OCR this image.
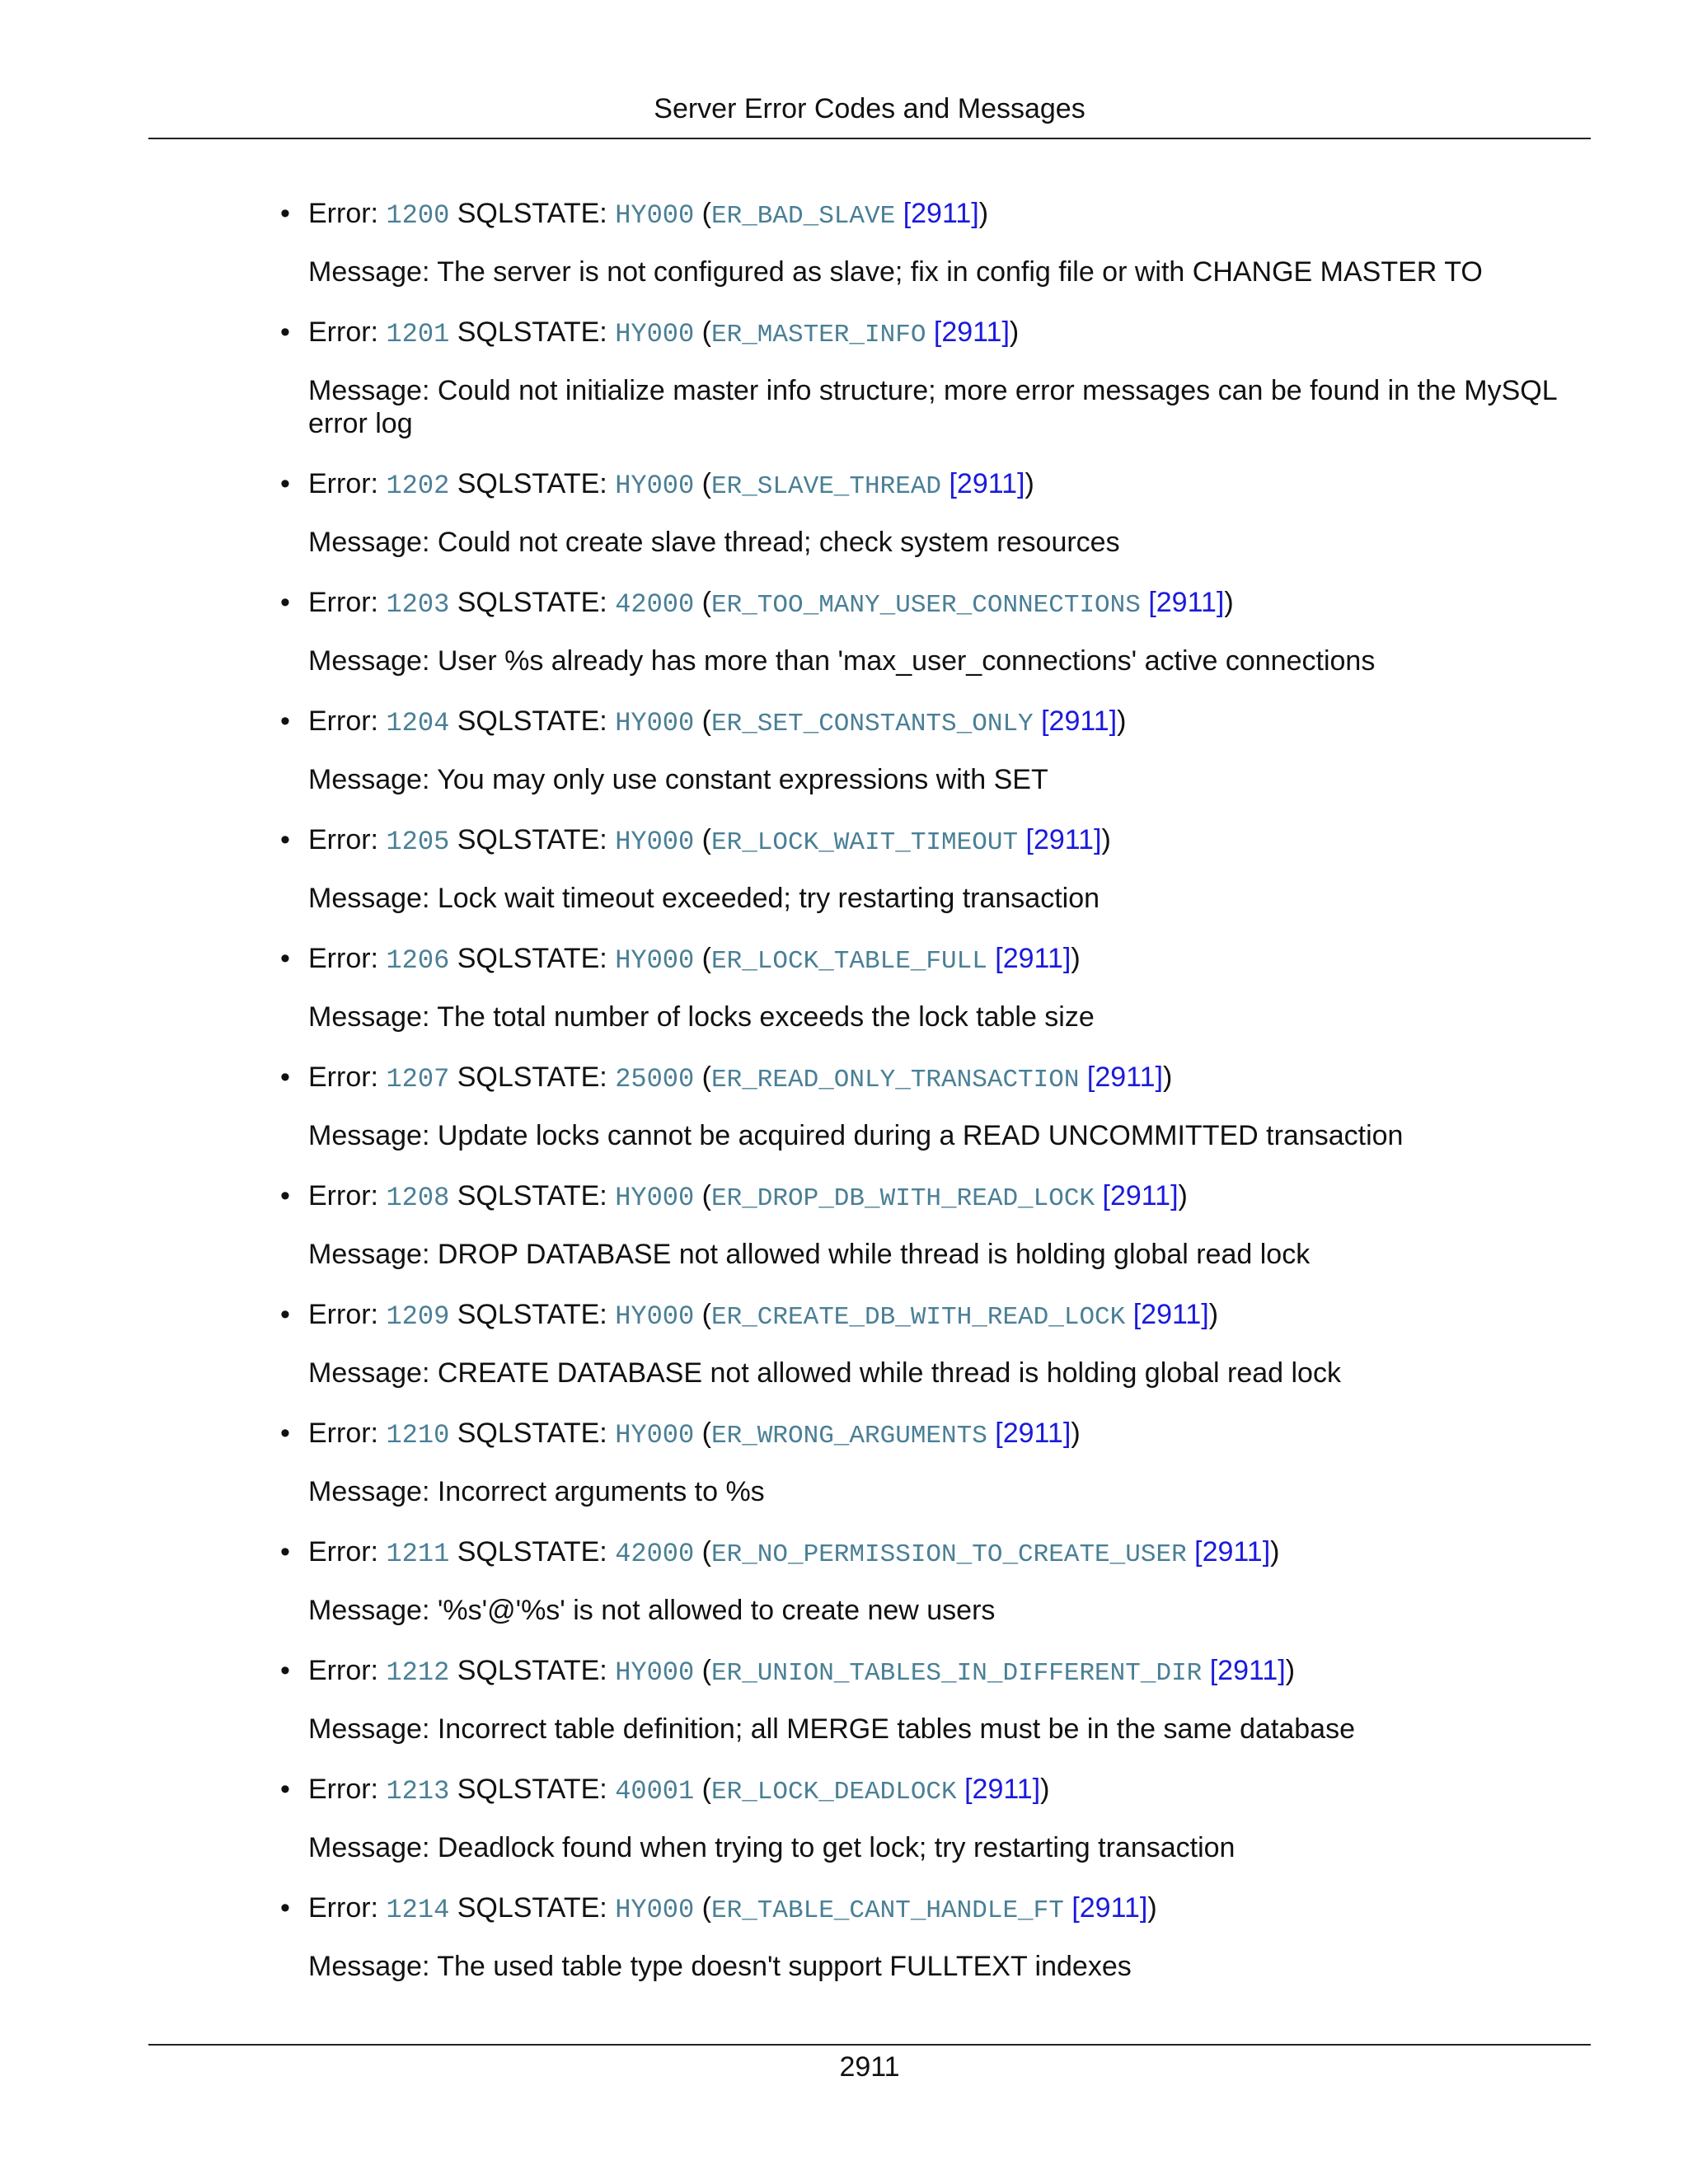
Server Error Codes and Messages
• Error: 1200 SQLSTATE: HY000 (ER_BAD_SLAVE [2911])
Message: The server is not configured as slave; fix in config file or with CHANGE MASTER TO
• Error: 1201 SQLSTATE: HY000 (ER_MASTER_INFO [2911])
Message: Could not initialize master info structure; more error messages can be found in the MySQL error log
• Error: 1202 SQLSTATE: HY000 (ER_SLAVE_THREAD [2911])
Message: Could not create slave thread; check system resources
• Error: 1203 SQLSTATE: 42000 (ER_TOO_MANY_USER_CONNECTIONS [2911])
Message: User %s already has more than 'max_user_connections' active connections
• Error: 1204 SQLSTATE: HY000 (ER_SET_CONSTANTS_ONLY [2911])
Message: You may only use constant expressions with SET
• Error: 1205 SQLSTATE: HY000 (ER_LOCK_WAIT_TIMEOUT [2911])
Message: Lock wait timeout exceeded; try restarting transaction
• Error: 1206 SQLSTATE: HY000 (ER_LOCK_TABLE_FULL [2911])
Message: The total number of locks exceeds the lock table size
• Error: 1207 SQLSTATE: 25000 (ER_READ_ONLY_TRANSACTION [2911])
Message: Update locks cannot be acquired during a READ UNCOMMITTED transaction
• Error: 1208 SQLSTATE: HY000 (ER_DROP_DB_WITH_READ_LOCK [2911])
Message: DROP DATABASE not allowed while thread is holding global read lock
• Error: 1209 SQLSTATE: HY000 (ER_CREATE_DB_WITH_READ_LOCK [2911])
Message: CREATE DATABASE not allowed while thread is holding global read lock
• Error: 1210 SQLSTATE: HY000 (ER_WRONG_ARGUMENTS [2911])
Message: Incorrect arguments to %s
• Error: 1211 SQLSTATE: 42000 (ER_NO_PERMISSION_TO_CREATE_USER [2911])
Message: '%s'@'%s' is not allowed to create new users
• Error: 1212 SQLSTATE: HY000 (ER_UNION_TABLES_IN_DIFFERENT_DIR [2911])
Message: Incorrect table definition; all MERGE tables must be in the same database
• Error: 1213 SQLSTATE: 40001 (ER_LOCK_DEADLOCK [2911])
Message: Deadlock found when trying to get lock; try restarting transaction
• Error: 1214 SQLSTATE: HY000 (ER_TABLE_CANT_HANDLE_FT [2911])
Message: The used table type doesn't support FULLTEXT indexes
2911
